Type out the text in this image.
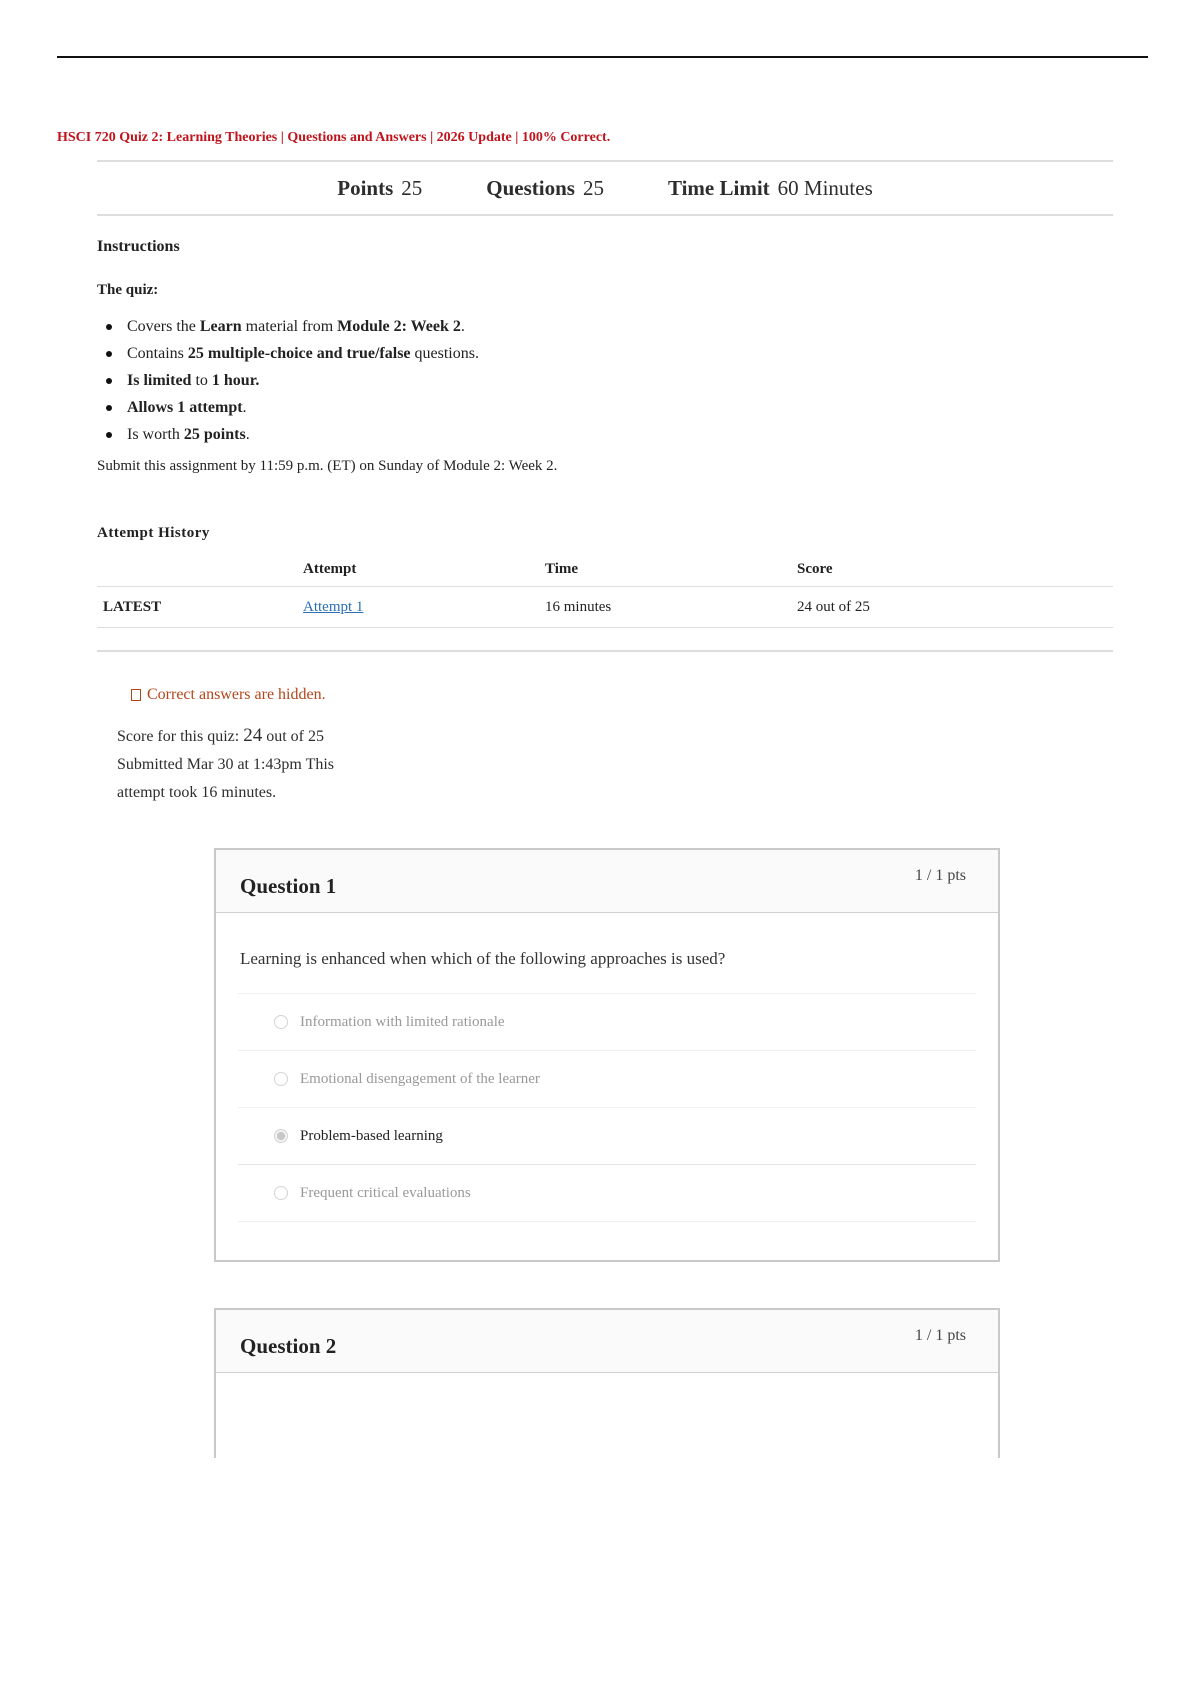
HSCI 720 Quiz 2: Learning Theories | Questions and Answers | 2026 Update | 100% Correct.
Points 25	Questions 25	Time Limit 60 Minutes
Instructions
The quiz:
Covers the Learn material from Module 2: Week 2.
Contains 25 multiple-choice and true/false questions.
Is limited to 1 hour.
Allows 1 attempt.
Is worth 25 points.
Submit this assignment by 11:59 p.m. (ET) on Sunday of Module 2: Week 2.
Attempt History
	Attempt	Time	Score
LATEST	Attempt 1	16 minutes	24 out of 25
Correct answers are hidden.
Score for this quiz: 24 out of 25
Submitted Mar 30 at 1:43pm This
attempt took 16 minutes.
Question 1	1 / 1 pts
Learning is enhanced when which of the following approaches is used?
Information with limited rationale
Emotional disengagement of the learner
Problem-based learning
Frequent critical evaluations
Question 2	1 / 1 pts
